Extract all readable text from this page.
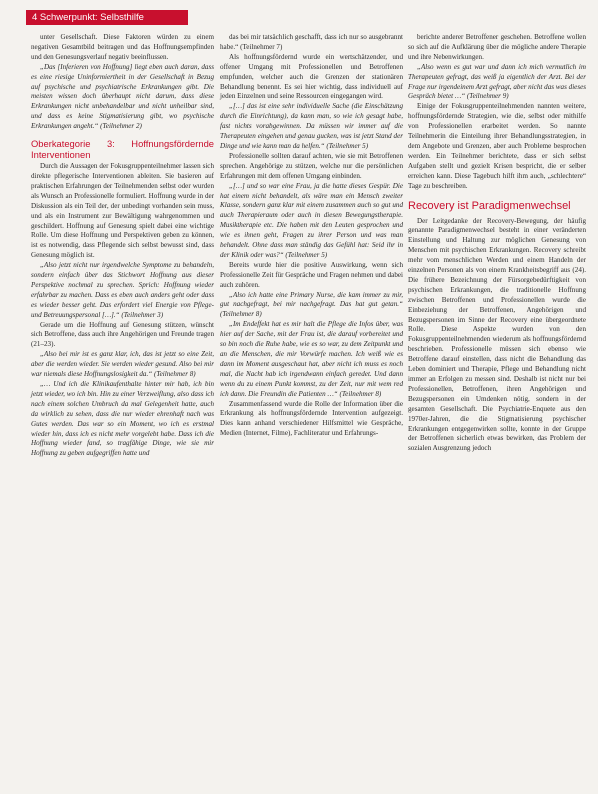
4 Schwerpunkt: Selbsthilfe

unter Gesellschaft. Diese Faktoren würden zu einem negativen Gesamtbild beitragen und das Hoffnungsempfinden und den Genesungsverlauf negativ beeinflussen.

„Das [Inferieren von Hoffnung] liegt eben auch daran, dass es eine riesige Uninformiertheit in der Gesellschaft in Bezug auf psychische und psychiatrische Erkrankungen gibt. Die meisten wissen doch überhaupt nicht darum, dass diese Erkrankungen nicht unbehandelbar und nicht unheilbar sind, und dass es keine Stigmatisierung gibt, wo psychische Erkrankungen angeht.“ (Teilnehmer 2)

Oberkategorie 3: Hoffnungsfördernde Interventionen

Durch die Aussagen der Fokusgruppenteilnehmer lassen sich direkte pflegerische Interventionen ableiten. Sie basieren auf praktischen Erfahrungen der Teilnehmenden selbst oder wurden als Wunsch an Professionelle formuliert. Hoffnung wurde in der Diskussion als ein Teil der, der unbedingt vorhanden sein muss, und als ein Instrument zur Bewältigung wahrgenommen und geschildert. Hoffnung auf Genesung spielt dabei eine wichtige Rolle. Um diese Hoffnung und Perspektiven geben zu können, ist es notwendig, dass Pflegende sich selbst bewusst sind, dass Genesung möglich ist.

„Also jetzt nicht nur irgendwelche Symptome zu behandeln, sondern einfach über das Stichwort Hoffnung aus dieser Perspektive nochmal zu sprechen. Sprich: Hoffnung wieder erfahrbar zu machen. Dass es eben auch anders geht oder dass es wieder besser geht. Das erfordert viel Energie von Pflege- und Betreuungspersonal […].“ (Teilnehmer 3)

Gerade um die Hoffnung auf Genesung stützen, wünscht sich Betroffene, dass auch ihre Angehörigen und Freunde tragen (21–23).

„Also bei mir ist es ganz klar, ich, das ist jetzt so eine Zeit, aber die werden wieder. Sie werden wieder gesund. Also bei mir war niemals diese Hoffnungslosigkeit da.“ (Teilnehmer 8)

„… Und ich die Klinikaufenthalte hinter mir hab, ich bin jetzt wieder, wo ich bin. Hin zu einer Verzweiflung, also dass ich nach einem solchen Umbruch da mal Gelegenheit hatte, auch da wirklich zu sehen, dass die nur wieder ehrenhaft nach was Gutes werden. Das war so ein Moment, wo ich es erstmal wieder hin, dass ich es nicht mehr vorgelebt habe. Dass ich die Hoffnung wieder fand, so tragfähige Dinge, wie sie mir Hoffnung zu geben aufgegriffen hatte und

das bei mir tatsächlich geschafft, dass ich nur so ausgebrannt habe.“ (Teilnehmer 7)

Als hoffnungsfördernd wurde ein wertschätzender, und offener Umgang mit Professionellen und Betroffenen empfunden, welcher auch die Grenzen der stationären Behandlung benennt. Es sei hier wichtig, dass individuell auf jeden Einzelnen und seine Ressourcen eingegangen wird.

„[…] das ist eine sehr individuelle Sache (die Einschätzung durch die Einrichtung), da kann man, so wie ich gesagt habe, fast nichts vorabgewinnen. Da müssen wir immer auf die Therapeuten eingehen und genau gucken, was ist jetzt Stand der Dinge und wie kann man da helfen.“ (Teilnehmer 5)

Professionelle sollten darauf achten, wie sie mit Betroffenen sprechen. Angehörige zu stützen, welche nur die persönlichen Erfahrungen mit dem offenen Umgang einbinden.

„[…] und so war eine Frau, ja die hatte dieses Gespür. Die hat einem nicht behandelt, als wäre man ein Mensch zweiter Klasse, sondern ganz klar mit einem zusammen auch so gut und auch Therapieraum oder auch in diesen Bewegungstherapie. Musiktherapie etc. Die haben mit den Leuten gesprochen und wie es ihnen geht, Fragen zu ihrer Person und was man behandelt. Ohne dass man ständig das Gefühl hat: Seid ihr in der Klinik oder was?“ (Teilnehmer 5)

Bereits wurde hier die positive Auswirkung, wenn sich Professionelle Zeit für Gespräche und Fragen nehmen und dabei auch zuhören.

„Also ich hatte eine Primary Nurse, die kam immer zu mir, gut nachgefragt, bei mir nachgefragt. Das hat gut getan.“ (Teilnehmer 8)

„Im Endeffekt hat es mir halt die Pflege die Infos über, was hier auf der Sache, mit der Frau ist, die darauf vorbereitet und so bin noch die Ruhe habe, wie es so war, zu dem Zeitpunkt und an die Menschen, die mir Vorwürfe machen. Ich weiß wie es dann im Moment ausgeschaut hat, aber nicht ich muss es noch mal, die Nacht hab ich irgendwann einfach geredet. Und dann wenn du zu einem Punkt kommst, zu der Zeit, nur mit wem red ich dann. Die Freundin die Patienten …“ (Teilnehmer 8)

Zusammenfassend wurde die Rolle der Information über die Erkrankung als hoffnungsfördernde Intervention aufgezeigt. Dies kann anhand verschiedener Hilfsmittel wie Gespräche, Medien (Internet, Filme), Fachliteratur und Erfahrungs-

berichte anderer Betroffener geschehen. Betroffene wollen so sich auf die Aufklärung über die mögliche andere Therapie und ihre Nebenwirkungen.

„Also wenn es gut war und dann ich mich vermutlich im Therapeuten gefragt, das weiß ja eigentlich der Arzt. Bei der Frage nur irgendeinem Arzt gefragt, aber nicht das was dieses Gespräch bietet …“ (Teilnehmer 9)

Einige der Fokusgruppenteilnehmenden nannten weitere, hoffnungsfördernde Strategien, wie die, selbst oder mithilfe von Professionellen erarbeitet werden. So nannte Teilnehmerin die Einteilung ihrer Behandlungsstrategien, in dem Angebote und Grenzen, aber auch Probleme besprochen werden. Ein Teilnehmer berichtete, dass er sich selbst Aufgaben stellt und gezielt Krisen bespricht, die er selber erreichen kann. Diese Tagebuch hilft ihm auch, „schlechtere“ Tage zu beschreiben.

Recovery ist Paradigmenwechsel

Der Leitgedanke der Recovery-Bewegung, der häufig genannte Paradigmenwechsel besteht in einer veränderten Einstellung und Haltung zur möglichen Genesung von Menschen mit psychischen Erkrankungen. Recovery schreibt mehr vom menschlichen Werden und einem Handeln der einzelnen Personen als von einem Krankheitsbegriff aus (24). Die frühere Bezeichnung der Fürsorgebedürftigkeit von psychischen Erkrankungen, die traditionelle Hoffnung zwischen Betroffenen und Professionellen wurde die Einbeziehung der Betroffenen, Angehörigen und Bezugspersonen im Sinne der Recovery eine übergeordnete Rolle. Diese Aspekte wurden von den Fokusgruppenteilnehmenden wiederum als hoffnungsfördernd beschrieben. Professionelle müssen sich ebenso wie Betroffene darauf einstellen, dass nicht die Behandlung das Leben dominiert und Therapie, Pflege und Behandlung nicht immer an Erfolgen zu messen sind. Deshalb ist nicht nur bei Professionellen, Betroffenen, ihren Angehörigen und Bezugspersonen ein Umdenken nötig, sondern in der gesamten Gesellschaft. Die Psychiatrie-Enquete aus den 1970er-Jahren, die die Stigmatisierung psychischer Erkrankungen entgegenwirken sollte, konnte in der Gruppe der Betroffenen sicherlich etwas bewirken, das Problem der sozialen Ausgrenzung jedoch
